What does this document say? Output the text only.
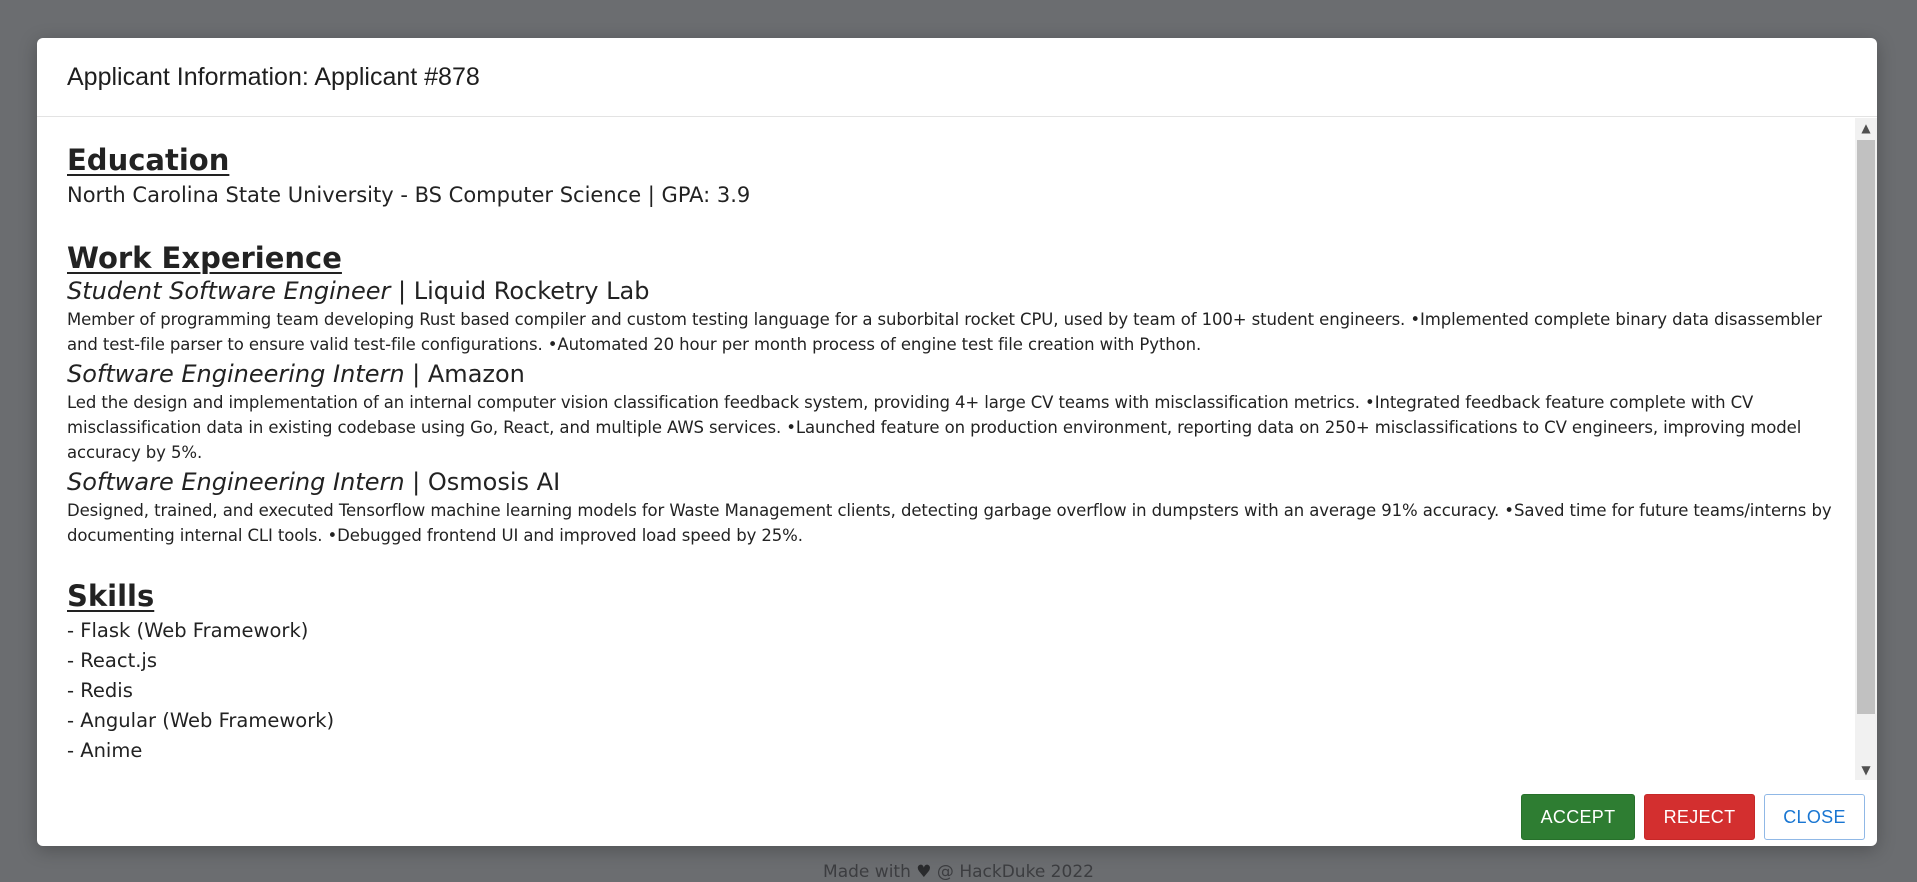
Made with ♥ @ HackDuke 2022
Applicant Information: Applicant #878
Education

North Carolina State University - BS Computer Science | GPA: 3.9

Work Experience

Student Software Engineer | Liquid Rocketry Lab

Member of programming team developing Rust based compiler and custom testing language for a suborbital rocket CPU, used by team of 100+ student engineers. •Implemented complete binary data disassembler and test-file parser to ensure valid test-file configurations. •Automated 20 hour per month process of engine test file creation with Python.

Software Engineering Intern | Amazon

Led the design and implementation of an internal computer vision classification feedback system, providing 4+ large CV teams with misclassification metrics. •Integrated feedback feature complete with CV misclassification data in existing codebase using Go, React, and multiple AWS services. •Launched feature on production environment, reporting data on 250+ misclassifications to CV engineers, improving model accuracy by 5%.

Software Engineering Intern | Osmosis AI

Designed, trained, and executed Tensorflow machine learning models for Waste Management clients, detecting garbage overflow in dumpsters with an average 91% accuracy. •Saved time for future teams/interns by documenting internal CLI tools. •Debugged frontend UI and improved load speed by 25%.

Skills

- Flask (Web Framework)

- React.js

- Redis

- Angular (Web Framework)

- Anime

▲
▼
ACCEPT	REJECT	CLOSE
